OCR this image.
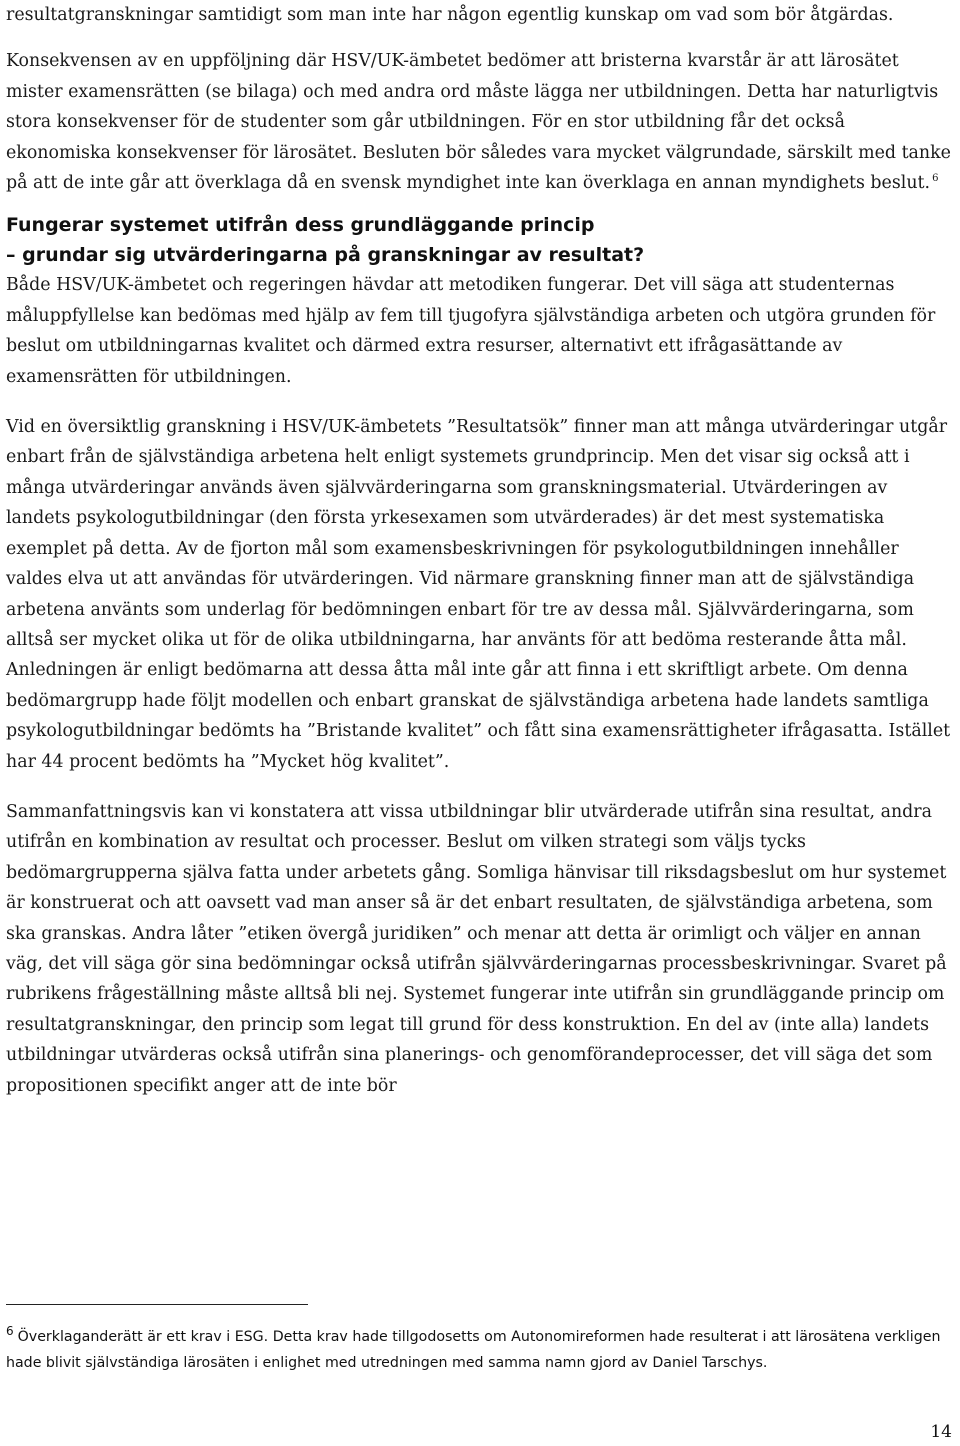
resultatgranskningar samtidigt som man inte har någon egentlig kunskap om vad som bör åtgärdas.

Konsekvensen av en uppföljning där HSV/UK-ämbetet bedömer att bristerna kvarstår är att lärosätet mister examensrätten (se bilaga) och med andra ord måste lägga ner utbildningen. Detta har naturligtvis stora konsekvenser för de studenter som går utbildningen. För en stor utbildning får det också ekonomiska konsekvenser för lärosätet. Besluten bör således vara mycket välgrundade, särskilt med tanke på att de inte går att överklaga då en svensk myndighet inte kan överklaga en annan myndighets beslut. $^6$

Fungerar systemet utifrån dess grundläggande princip
– grundar sig utvärderingarna på granskningar av resultat?

Både HSV/UK-ämbetet och regeringen hävdar att metodiken fungerar. Det vill säga att studenternas måluppfyllelse kan bedömas med hjälp av fem till tjugofyra självständiga arbeten och utgöra grunden för beslut om utbildningarnas kvalitet och därmed extra resurser, alternativt ett ifrågasättande av examensrätten för utbildningen.

Vid en översiktlig granskning i HSV/UK-ämbetets ”Resultatsök” finner man att många utvärderingar utgår enbart från de självständiga arbetena helt enligt systemets grundprincip. Men det visar sig också att i många utvärderingar används även självvärderingarna som granskningsmaterial. Utvärderingen av landets psykologutbildningar (den första yrkesexamen som utvärderades) är det mest systematiska exemplet på detta. Av de fjorton mål som examensbeskrivningen för psykologutbildningen innehåller valdes elva ut att användas för utvärderingen. Vid närmare granskning finner man att de självständiga arbetena använts som underlag för bedömningen enbart för tre av dessa mål. Självvärderingarna, som alltså ser mycket olika ut för de olika utbildningarna, har använts för att bedöma resterande åtta mål. Anledningen är enligt bedömarna att dessa åtta mål inte går att finna i ett skriftligt arbete. Om denna bedömargrupp hade följt modellen och enbart granskat de självständiga arbetena hade landets samtliga psykologutbildningar bedömts ha ”Bristande kvalitet” och fått sina examensrättigheter ifrågasatta. Istället har 44 procent bedömts ha ”Mycket hög kvalitet”.

Sammanfattningsvis kan vi konstatera att vissa utbildningar blir utvärderade utifrån sina resultat, andra utifrån en kombination av resultat och processer. Beslut om vilken strategi som väljs tycks bedömargrupperna själva fatta under arbetets gång. Somliga hänvisar till riksdagsbeslut om hur systemet är konstruerat och att oavsett vad man anser så är det enbart resultaten, de självständiga arbetena, som ska granskas. Andra låter ”etiken övergå juridiken” och menar att detta är orimligt och väljer en annan väg, det vill säga gör sina bedömningar också utifrån självvärderingarnas processbeskrivningar. Svaret på rubrikens frågeställning måste alltså bli nej. Systemet fungerar inte utifrån sin grundläggande princip om resultatgranskningar, den princip som legat till grund för dess konstruktion. En del av (inte alla) landets utbildningar utvärderas också utifrån sina planerings- och genomförandeprocesser, det vill säga det som propositionen specifikt anger att de inte bör

$^6$ Överklaganderätt är ett krav i ESG. Detta krav hade tillgodosetts om Autonomireformen hade resulterat i att lärosätena verkligen hade blivit självständiga lärosäten i enlighet med utredningen med samma namn gjord av Daniel Tarschys.
14
